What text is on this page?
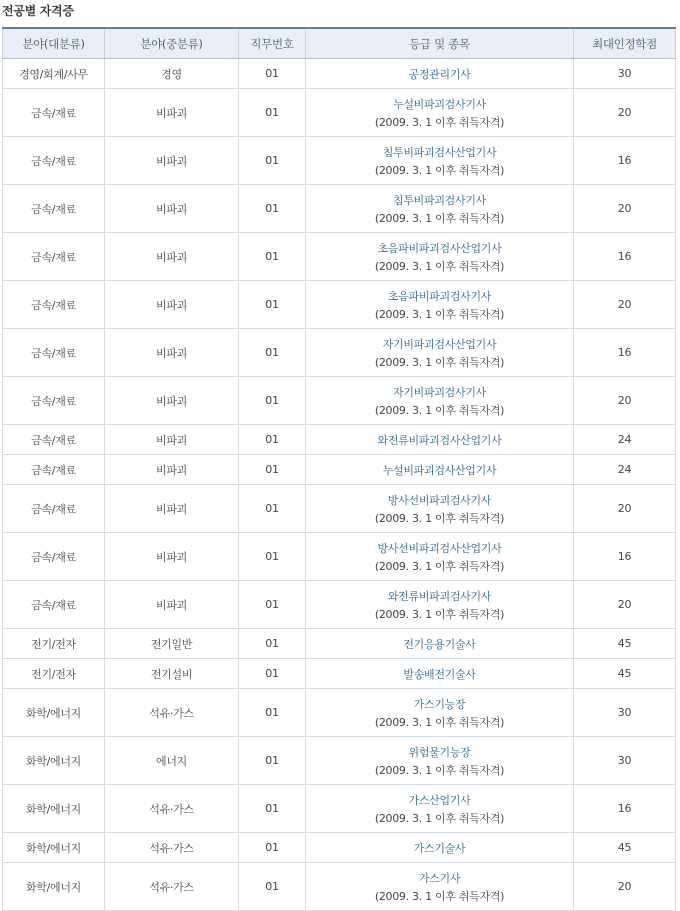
전공별 자격증
분야(대분류)	분야(중분류)	직무번호	등급 및 종목	최대인정학점
경영/회계/사무	경영	01	공정관리기사	30
금속/재료	비파괴	01	누설비파괴검사기사
(2009. 3. 1 이후 취득자격)	20
금속/재료	비파괴	01	침투비파괴검사산업기사
(2009. 3. 1 이후 취득자격)	16
금속/재료	비파괴	01	침투비파괴검사기사
(2009. 3. 1 이후 취득자격)	20
금속/재료	비파괴	01	초음파비파괴검사산업기사
(2009. 3. 1 이후 취득자격)	16
금속/재료	비파괴	01	초음파비파괴검사기사
(2009. 3. 1 이후 취득자격)	20
금속/재료	비파괴	01	자기비파괴검사산업기사
(2009. 3. 1 이후 취득자격)	16
금속/재료	비파괴	01	자기비파괴검사기사
(2009. 3. 1 이후 취득자격)	20
금속/재료	비파괴	01	와전류비파괴검사산업기사	24
금속/재료	비파괴	01	누설비파괴검사산업기사	24
금속/재료	비파괴	01	방사선비파괴검사기사
(2009. 3. 1 이후 취득자격)	20
금속/재료	비파괴	01	방사선비파괴검사산업기사
(2009. 3. 1 이후 취득자격)	16
금속/재료	비파괴	01	와전류비파괴검사기사
(2009. 3. 1 이후 취득자격)	20
전기/전자	전기일반	01	전기응용기술사	45
전기/전자	전기설비	01	발송배전기술사	45
화학/에너지	석유·가스	01	가스기능장
(2009. 3. 1 이후 취득자격)	30
화학/에너지	에너지	01	위험물기능장
(2009. 3. 1 이후 취득자격)	30
화학/에너지	석유·가스	01	가스산업기사
(2009. 3. 1 이후 취득자격)	16
화학/에너지	석유·가스	01	가스기술사	45
화학/에너지	석유·가스	01	가스기사
(2009. 3. 1 이후 취득자격)	20
